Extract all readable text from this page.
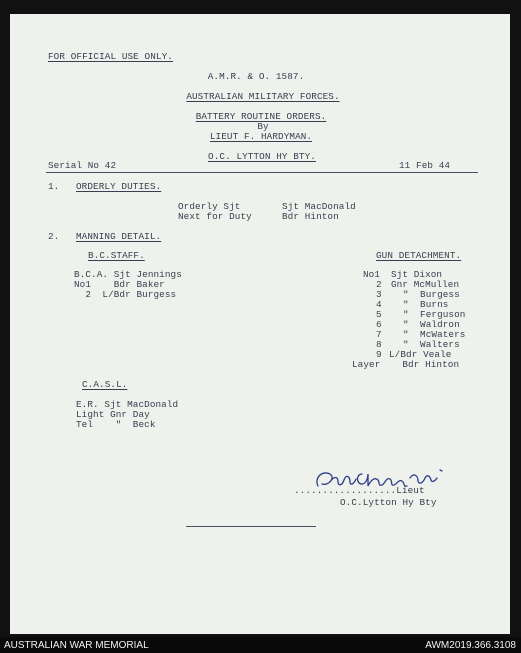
FOR OFFICIAL USE ONLY.
A.M.R. & O. 1587.
AUSTRALIAN MILITARY FORCES.
BATTERY ROUTINE ORDERS.
By
LIEUT F. HARDYMAN.
O.C. LYTTON HY BTY.
Serial No 42	11 Feb 44
1. ORDERLY DUTIES.
Orderly Sjt	Sjt MacDonald
Next for Duty	Bdr Hinton
2. MANNING DETAIL.
B.C.STAFF.
B.C.A. Sjt Jennings
No1    Bdr Baker
2  L/Bdr Burgess
GUN DETACHMENT.
No1 Sjt Dixon
2 Gnr McMullen
3 "  Burgess
4 "  Burns
5 "  Ferguson
6 "  Waldron
7 "  McWaters
8 "  Walters
9 L/Bdr Veale
Layer Bdr Hinton
C.A.S.L.
E.R. Sjt MacDonald
Light Gnr Day
Tel    "  Beck
..................Lieut
O.C.Lytton Hy Bty
AUSTRALIAN WAR MEMORIAL	AWM2019.366.3108
